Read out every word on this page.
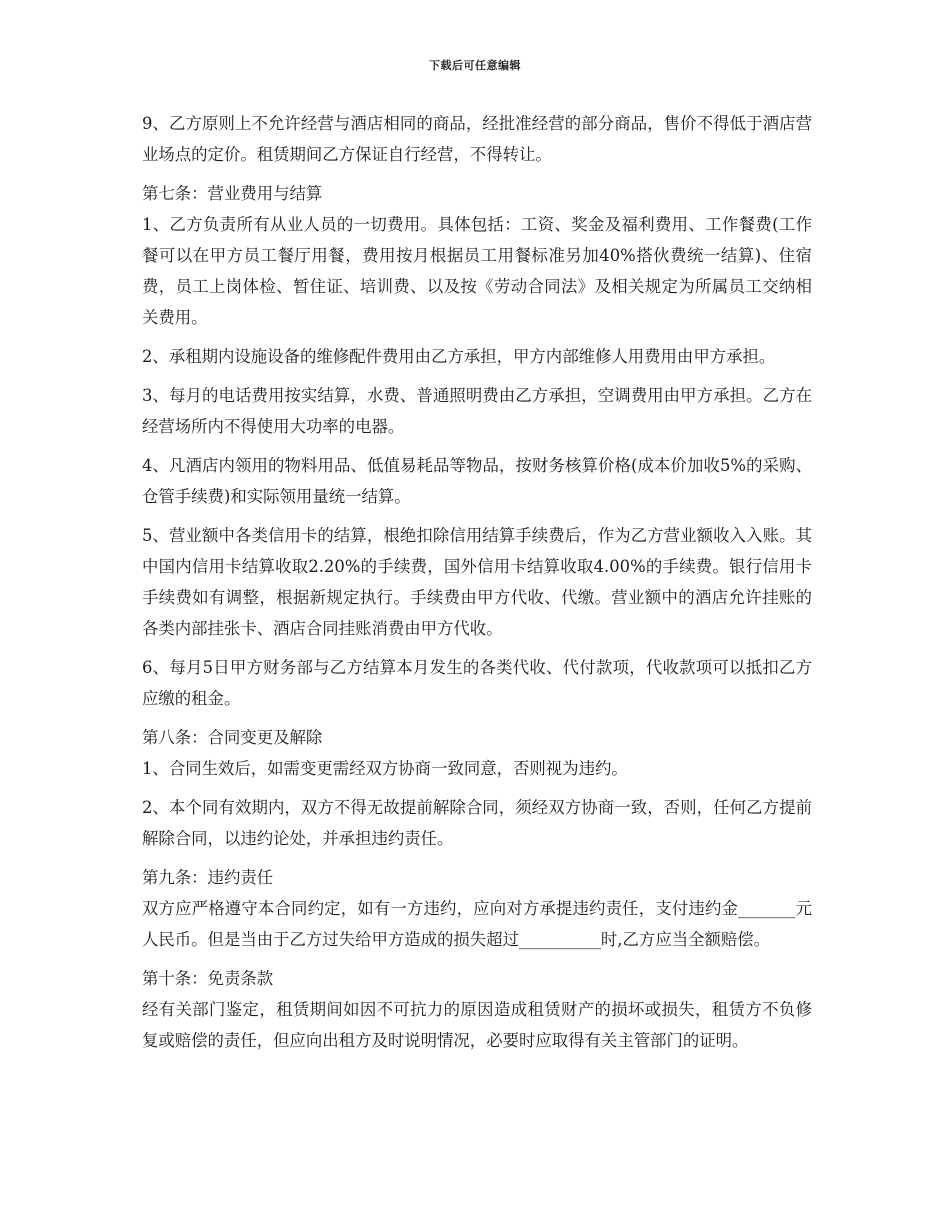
下载后可任意编辑

9、乙方原则上不允许经营与酒店相同的商品，经批准经营的部分商品，售价不得低于酒店营业场点的定价。租赁期间乙方保证自行经营，不得转让。

第七条：营业费用与结算

1、乙方负责所有从业人员的一切费用。具体包括：工资、奖金及福利费用、工作餐费(工作餐可以在甲方员工餐厅用餐，费用按月根据员工用餐标准另加40%搭伙费统一结算)、住宿费，员工上岗体检、暂住证、培训费、以及按《劳动合同法》及相关规定为所属员工交纳相关费用。

2、承租期内设施设备的维修配件费用由乙方承担，甲方内部维修人用费用由甲方承担。

3、每月的电话费用按实结算，水费、普通照明费由乙方承担，空调费用由甲方承担。乙方在经营场所内不得使用大功率的电器。

4、凡酒店内领用的物料用品、低值易耗品等物品，按财务核算价格(成本价加收5%的采购、仓管手续费)和实际领用量统一结算。

5、营业额中各类信用卡的结算，根绝扣除信用结算手续费后，作为乙方营业额收入入账。其中国内信用卡结算收取2.20%的手续费，国外信用卡结算收取4.00%的手续费。银行信用卡手续费如有调整，根据新规定执行。手续费由甲方代收、代缴。营业额中的酒店允许挂账的各类内部挂张卡、酒店合同挂账消费由甲方代收。

6、每月5日甲方财务部与乙方结算本月发生的各类代收、代付款项，代收款项可以抵扣乙方应缴的租金。

第八条：合同变更及解除

1、合同生效后，如需变更需经双方协商一致同意，否则视为违约。

2、本个同有效期内，双方不得无故提前解除合同，须经双方协商一致，否则，任何乙方提前解除合同，以违约论处，并承担违约责任。

第九条：违约责任

双方应严格遵守本合同约定，如有一方违约，应向对方承提违约责任，支付违约金_______元人民币。但是当由于乙方过失给甲方造成的损失超过__________时,乙方应当全额赔偿。

第十条：免责条款

经有关部门鉴定，租赁期间如因不可抗力的原因造成租赁财产的损坏或损失，租赁方不负修复或赔偿的责任，但应向出租方及时说明情况，必要时应取得有关主管部门的证明。
